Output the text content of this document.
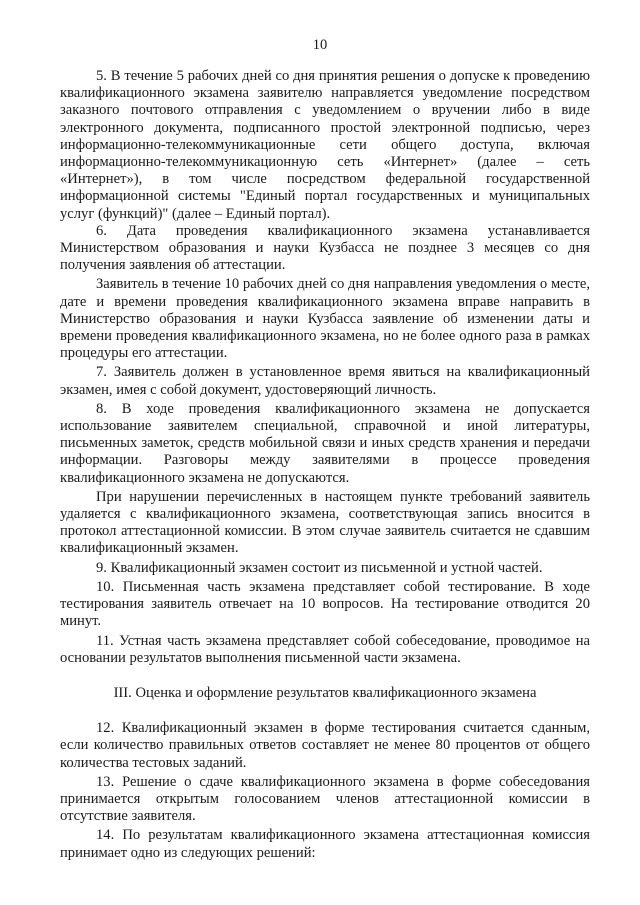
10

5. В течение 5 рабочих дней со дня принятия решения о допуске к проведению квалификационного экзамена заявителю направляется уведомление посредством заказного почтового отправления с уведомлением о вручении либо в виде электронного документа, подписанного простой электронной подписью, через информационно-телекоммуникационные сети общего доступа, включая информационно-телекоммуникационную сеть «Интернет» (далее – сеть «Интернет»), в том числе посредством федеральной государственной информационной системы "Единый портал государственных и муниципальных услуг (функций)" (далее – Единый портал).

6. Дата проведения квалификационного экзамена устанавливается Министерством образования и науки Кузбасса не позднее 3 месяцев со дня получения заявления об аттестации.

Заявитель в течение 10 рабочих дней со дня направления уведомления о месте, дате и времени проведения квалификационного экзамена вправе направить в Министерство образования и науки Кузбасса заявление об изменении даты и времени проведения квалификационного экзамена, но не более одного раза в рамках процедуры его аттестации.

7. Заявитель должен в установленное время явиться на квалификационный экзамен, имея с собой документ, удостоверяющий личность.

8. В ходе проведения квалификационного экзамена не допускается использование заявителем специальной, справочной и иной литературы, письменных заметок, средств мобильной связи и иных средств хранения и передачи информации. Разговоры между заявителями в процессе проведения квалификационного экзамена не допускаются.

При нарушении перечисленных в настоящем пункте требований заявитель удаляется с квалификационного экзамена, соответствующая запись вносится в протокол аттестационной комиссии. В этом случае заявитель считается не сдавшим квалификационный экзамен.

9. Квалификационный экзамен состоит из письменной и устной частей.

10. Письменная часть экзамена представляет собой тестирование. В ходе тестирования заявитель отвечает на 10 вопросов. На тестирование отводится 20 минут.

11. Устная часть экзамена представляет собой собеседование, проводимое на основании результатов выполнения письменной части экзамена.

III. Оценка и оформление результатов квалификационного экзамена

12. Квалификационный экзамен в форме тестирования считается сданным, если количество правильных ответов составляет не менее 80 процентов от общего количества тестовых заданий.

13. Решение о сдаче квалификационного экзамена в форме собеседования принимается открытым голосованием членов аттестационной комиссии в отсутствие заявителя.

14. По результатам квалификационного экзамена аттестационная комиссия принимает одно из следующих решений:
